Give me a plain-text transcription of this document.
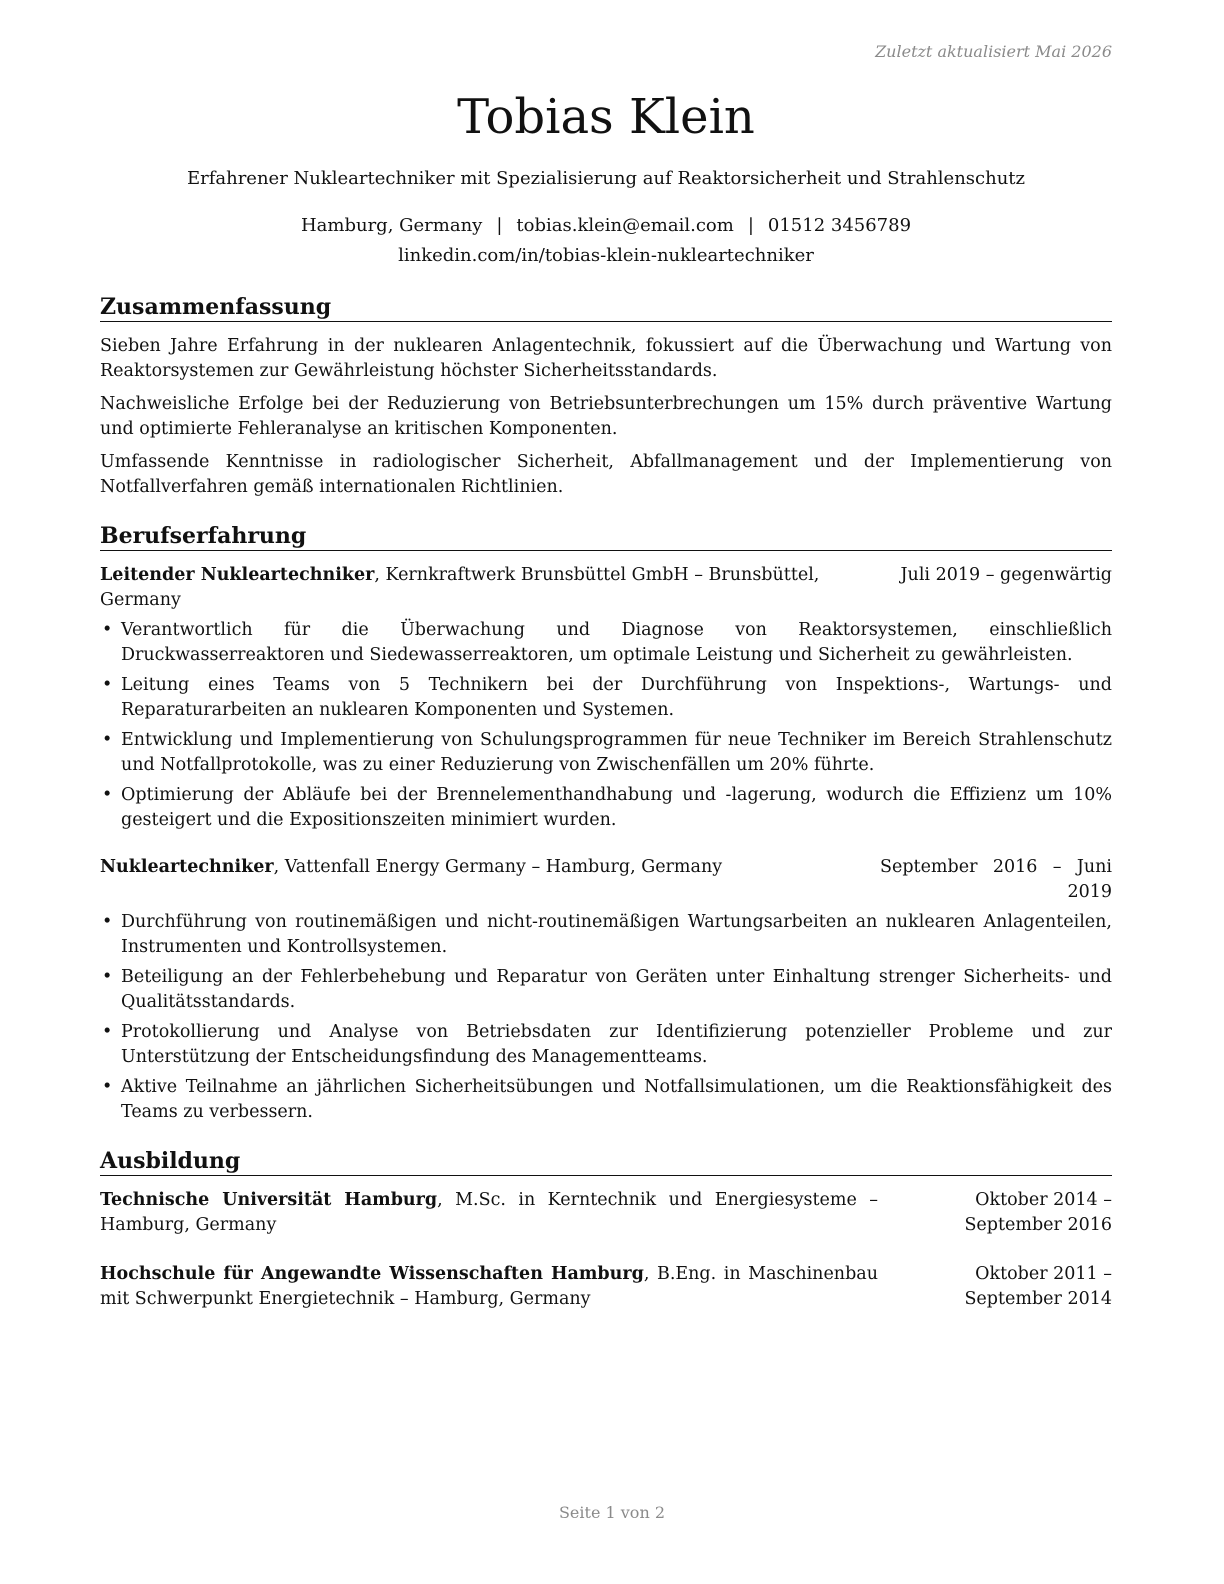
Zuletzt aktualisiert Mai 2026
Tobias Klein
Erfahrener Nukleartechniker mit Spezialisierung auf Reaktorsicherheit und Strahlenschutz
Hamburg, Germany | tobias.klein@email.com | 01512 3456789
linkedin.com/in/tobias-klein-nukleartechniker
Zusammenfassung

Sieben Jahre Erfahrung in der nuklearen Anlagentechnik, fokussiert auf die Überwachung und Wartung von Reaktorsystemen zur Gewährleistung höchster Sicherheitsstandards.

Nachweisliche Erfolge bei der Reduzierung von Betriebsunterbrechungen um 15% durch präventive Wartung und optimierte Fehleranalyse an kritischen Komponenten.

Umfassende Kenntnisse in radiologischer Sicherheit, Abfallmanagement und der Implementierung von Notfallverfahren gemäß internationalen Richtlinien.

Berufserfahrung
Leitender Nukleartechniker, Kernkraftwerk Brunsbüttel GmbH – Brunsbüttel, Germany
Juli 2019 – gegenwärtig
• Verantwortlich für die Überwachung und Diagnose von Reaktorsystemen, einschließlich Druckwasserreaktoren und Siedewasserreaktoren, um optimale Leistung und Sicherheit zu gewährleisten.
• Leitung eines Teams von 5 Technikern bei der Durchführung von Inspektions-, Wartungs- und Reparaturarbeiten an nuklearen Komponenten und Systemen.
• Entwicklung und Implementierung von Schulungsprogrammen für neue Techniker im Bereich Strahlenschutz und Notfallprotokolle, was zu einer Reduzierung von Zwischenfällen um 20% führte.
• Optimierung der Abläufe bei der Brennelementhandhabung und -lagerung, wodurch die Effizienz um 10% gesteigert und die Expositionszeiten minimiert wurden.
Nukleartechniker, Vattenfall Energy Germany – Hamburg, Germany	September 2016 – Juni 2019
• Durchführung von routinemäßigen und nicht-routinemäßigen Wartungsarbeiten an nuklearen Anlagenteilen, Instrumenten und Kontrollsystemen.
• Beteiligung an der Fehlerbehebung und Reparatur von Geräten unter Einhaltung strenger Sicherheits- und Qualitätsstandards.
• Protokollierung und Analyse von Betriebsdaten zur Identifizierung potenzieller Probleme und zur Unterstützung der Entscheidungsfindung des Managementteams.
• Aktive Teilnahme an jährlichen Sicherheitsübungen und Notfallsimulationen, um die Reaktionsfähigkeit des Teams zu verbessern.
Ausbildung
Technische Universität Hamburg, M.Sc. in Kerntechnik und Energiesysteme – Hamburg, Germany
Oktober 2014 – September 2016
Hochschule für Angewandte Wissenschaften Hamburg, B.Eng. in Maschinenbau mit Schwerpunkt Energietechnik – Hamburg, Germany
Oktober 2011 – September 2014
Seite 1 von 2
